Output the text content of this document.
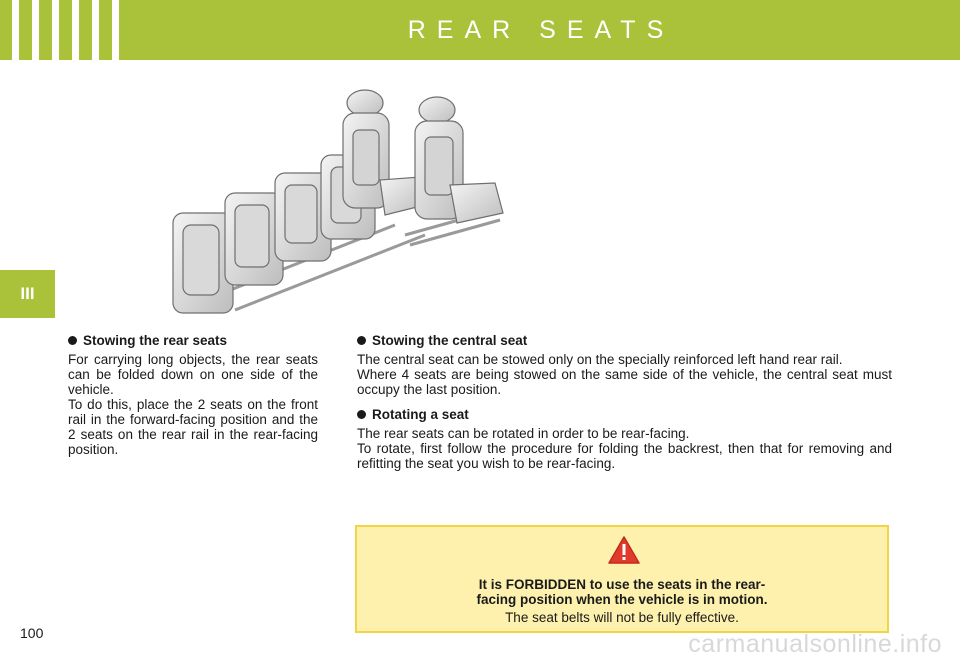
REAR SEATS
III
Stowing the rear seats
For carrying long objects, the rear seats can be folded down on one side of the vehicle.
To do this, place the 2 seats on the front rail in the forward-facing position and the 2 seats on the rear rail in the rear-facing position.
Stowing the central seat
The central seat can be stowed only on the specially reinforced left hand rear rail.
Where 4 seats are being stowed on the same side of the vehicle, the central seat must occupy the last position.
Rotating a seat
The rear seats can be rotated in order to be rear-facing.
To rotate, first follow the procedure for folding the backrest, then that for removing and refitting the seat you wish to be rear-facing.
It is FORBIDDEN to use the seats in the rear-
facing position when the vehicle is in motion.
The seat belts will not be fully effective.
100	carmanualsonline.info
